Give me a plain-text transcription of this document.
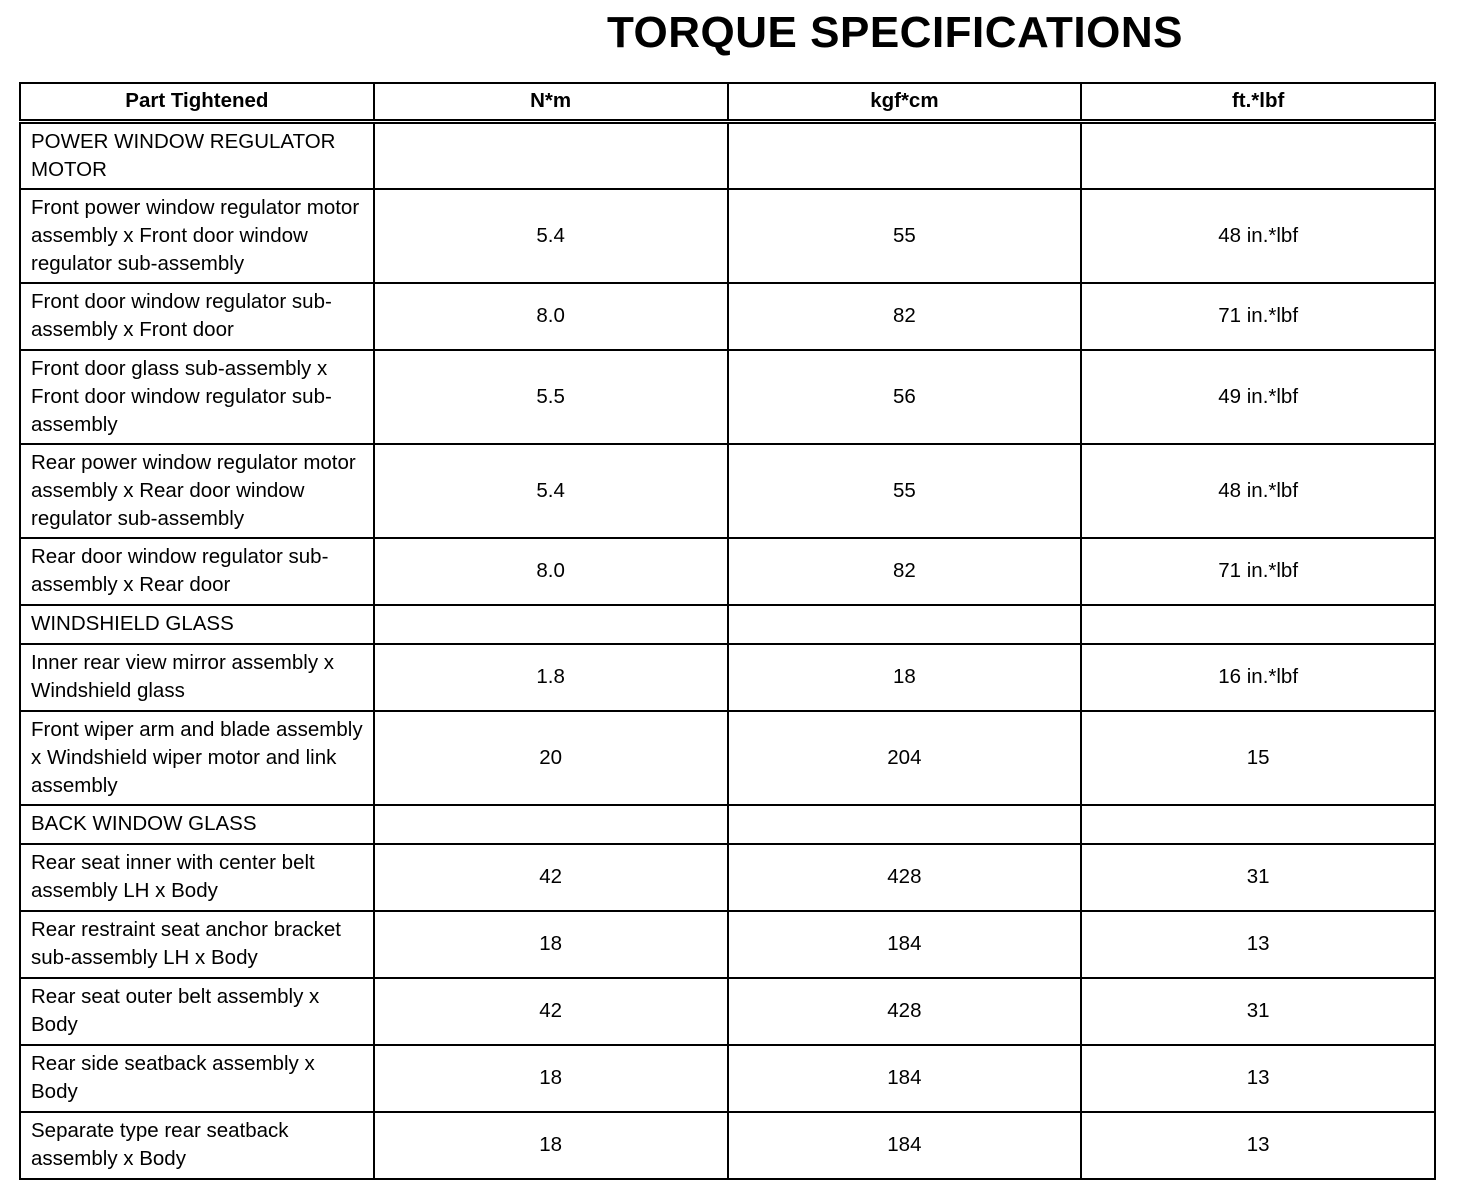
TORQUE SPECIFICATIONS
Part Tightened	N*m	kgf*cm	ft.*lbf
POWER WINDOW REGULATOR MOTOR			
Front power window regulator motor assembly x Front door window regulator sub-assembly	5.4	55	48 in.*lbf
Front door window regulator sub-assembly x Front door	8.0	82	71 in.*lbf
Front door glass sub-assembly x Front door window regulator sub-assembly	5.5	56	49 in.*lbf
Rear power window regulator motor assembly x Rear door window regulator sub-assembly	5.4	55	48 in.*lbf
Rear door window regulator sub-assembly x Rear door	8.0	82	71 in.*lbf
WINDSHIELD GLASS			
Inner rear view mirror assembly x Windshield glass	1.8	18	16 in.*lbf
Front wiper arm and blade assembly x Windshield wiper motor and link assembly	20	204	15
BACK WINDOW GLASS			
Rear seat inner with center belt assembly LH x Body	42	428	31
Rear restraint seat anchor bracket sub-assembly LH x Body	18	184	13
Rear seat outer belt assembly x Body	42	428	31
Rear side seatback assembly x Body	18	184	13
Separate type rear seatback assembly x Body	18	184	13
